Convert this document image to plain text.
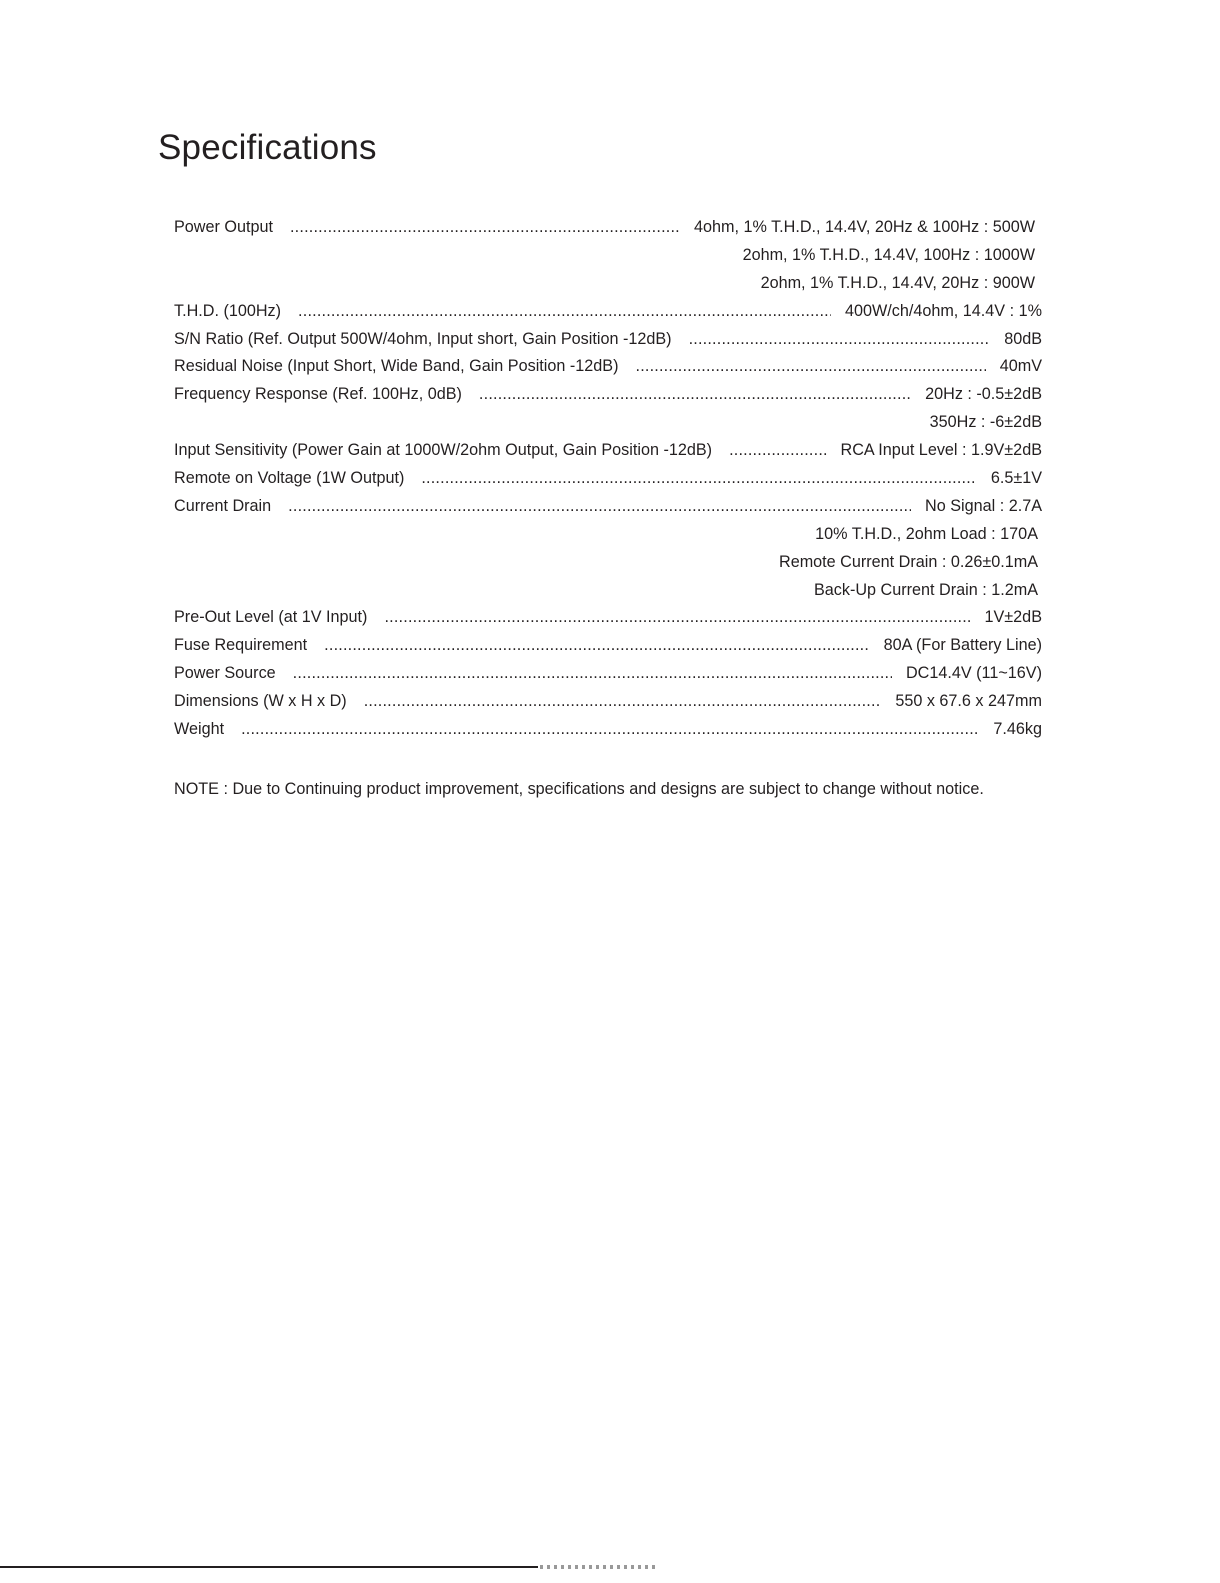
Specifications
Power Output .....	4ohm, 1% T.H.D., 14.4V, 20Hz & 100Hz : 500W
2ohm, 1% T.H.D., 14.4V, 100Hz : 1000W
2ohm, 1% T.H.D., 14.4V, 20Hz : 900W
T.H.D. (100Hz) .....	400W/ch/4ohm, 14.4V : 1%
S/N Ratio (Ref. Output 500W/4ohm, Input short, Gain Position -12dB) .....	80dB
Residual Noise (Input Short, Wide Band, Gain Position -12dB) .....	40mV
Frequency Response (Ref. 100Hz, 0dB) .....	20Hz : -0.5±2dB
350Hz : -6±2dB
Input Sensitivity (Power Gain at 1000W/2ohm Output, Gain Position -12dB) .....	RCA Input Level : 1.9V±2dB
Remote on Voltage (1W Output) .....	6.5±1V
Current Drain .....	No Signal : 2.7A
10% T.H.D., 2ohm Load : 170A
Remote Current Drain : 0.26±0.1mA
Back-Up Current Drain : 1.2mA
Pre-Out Level (at 1V Input) .....	1V±2dB
Fuse Requirement .....	80A (For Battery Line)
Power Source .....	DC14.4V (11~16V)
Dimensions (W x H x D) .....	550 x 67.6 x 247mm
Weight .....	7.46kg
NOTE : Due to Continuing product improvement, specifications and designs are subject to change without notice.
